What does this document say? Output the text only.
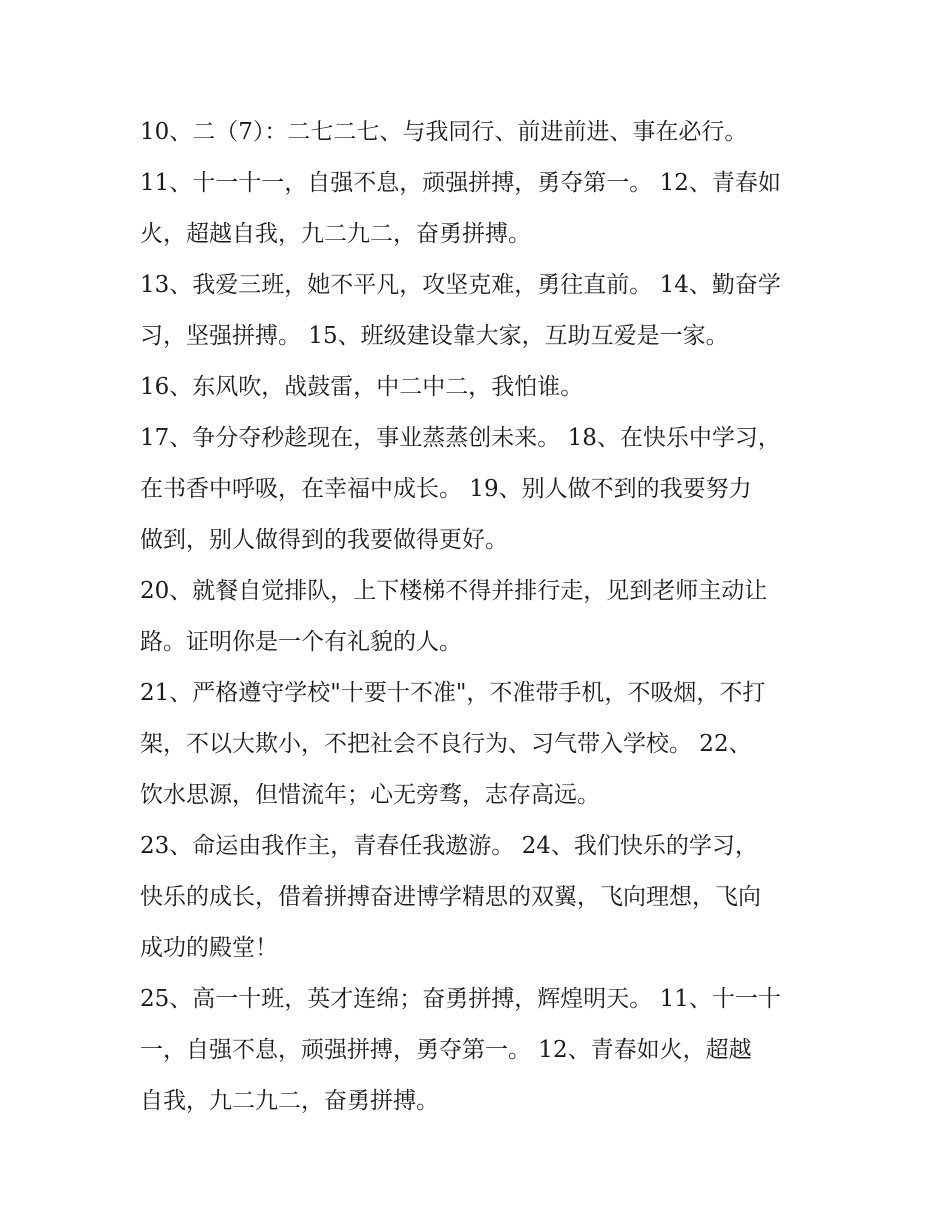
10、二（7）：二七二七、与我同行、前进前进、事在必行。
11、十一十一，自强不息，顽强拼搏，勇夺第一。 12、青春如
火，超越自我，九二九二，奋勇拼搏。
13、我爱三班，她不平凡，攻坚克难，勇往直前。 14、勤奋学
习，坚强拼搏。 15、班级建设靠大家，互助互爱是一家。
16、东风吹，战鼓雷，中二中二，我怕谁。
17、争分夺秒趁现在，事业蒸蒸创未来。 18、在快乐中学习，
在书香中呼吸，在幸福中成长。 19、别人做不到的我要努力
做到，别人做得到的我要做得更好。
20、就餐自觉排队，上下楼梯不得并排行走，见到老师主动让
路。证明你是一个有礼貌的人。
21、严格遵守学校"十要十不准"，不准带手机，不吸烟，不打
架，不以大欺小，不把社会不良行为、习气带入学校。 22、
饮水思源，但惜流年；心无旁骛，志存高远。
23、命运由我作主，青春任我遨游。 24、我们快乐的学习，
快乐的成长，借着拼搏奋进博学精思的双翼，飞向理想，飞向
成功的殿堂！
25、高一十班，英才连绵；奋勇拼搏，辉煌明天。 11、十一十
一，自强不息，顽强拼搏，勇夺第一。 12、青春如火，超越
自我，九二九二，奋勇拼搏。
